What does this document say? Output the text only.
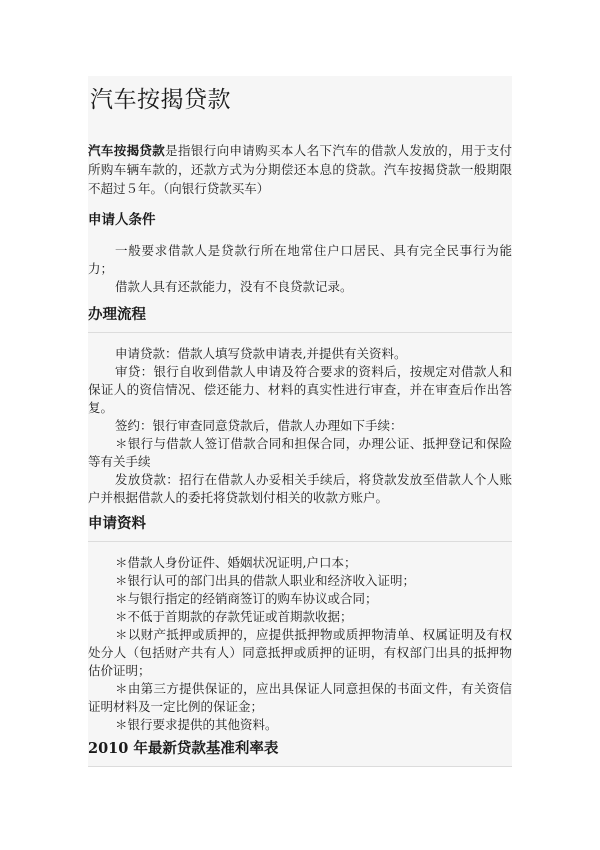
汽车按揭贷款

汽车按揭贷款是指银行向申请购买本人名下汽车的借款人发放的，用于支付所购车辆车款的，还款方式为分期偿还本息的贷款。汽车按揭贷款一般期限不超过５年。（向银行贷款买车）

申请人条件

一般要求借款人是贷款行所在地常住户口居民、具有完全民事行为能力；

借款人具有还款能力，没有不良贷款记录。

办理流程

申请贷款：借款人填写贷款申请表,并提供有关资料。

审贷：银行自收到借款人申请及符合要求的资料后，按规定对借款人和保证人的资信情况、偿还能力、材料的真实性进行审查，并在审查后作出答复。

签约：银行审查同意贷款后，借款人办理如下手续：

＊银行与借款人签订借款合同和担保合同，办理公证、抵押登记和保险等有关手续

发放贷款：招行在借款人办妥相关手续后，将贷款发放至借款人个人账户并根据借款人的委托将贷款划付相关的收款方账户。

申请资料

＊借款人身份证件、婚姻状况证明,户口本；

＊银行认可的部门出具的借款人职业和经济收入证明；

＊与银行指定的经销商签订的购车协议或合同；

＊不低于首期款的存款凭证或首期款收据；

＊以财产抵押或质押的，应提供抵押物或质押物清单、权属证明及有权处分人（包括财产共有人）同意抵押或质押的证明，有权部门出具的抵押物估价证明；

＊由第三方提供保证的，应出具保证人同意担保的书面文件，有关资信证明材料及一定比例的保证金；

＊银行要求提供的其他资料。

2010 年最新贷款基准利率表
